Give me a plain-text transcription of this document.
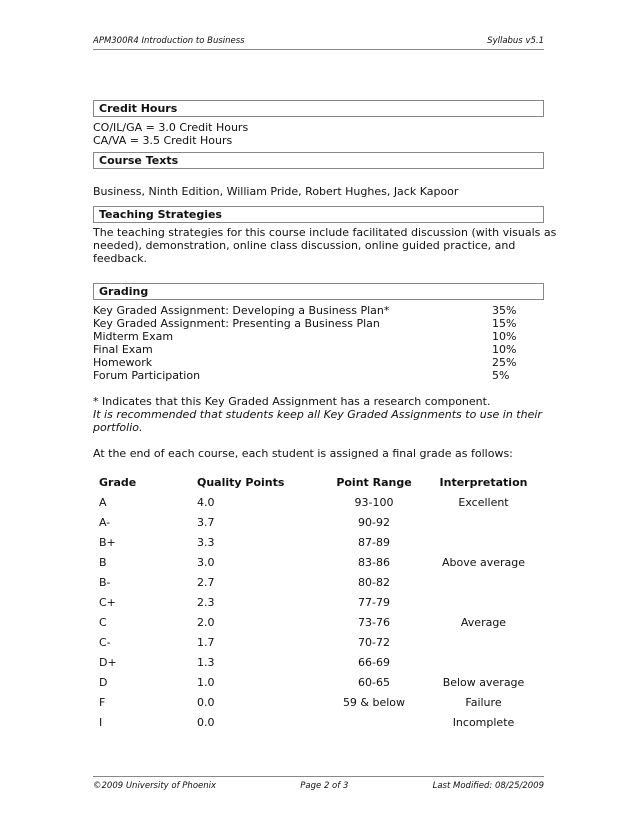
APM300R4 Introduction to Business	Syllabus v5.1
Credit Hours
CO/IL/GA = 3.0 Credit Hours
CA/VA = 3.5 Credit Hours
Course Texts
Business, Ninth Edition, William Pride, Robert Hughes, Jack Kapoor
Teaching Strategies
The teaching strategies for this course include facilitated discussion (with visuals as
needed), demonstration, online class discussion, online guided practice, and
feedback.
Grading
Key Graded Assignment: Developing a Business Plan*	35%
Key Graded Assignment: Presenting a Business Plan	15%
Midterm Exam	10%
Final Exam	10%
Homework	25%
Forum Participation	5%
* Indicates that this Key Graded Assignment has a research component.
It is recommended that students keep all Key Graded Assignments to use in their
portfolio.
At the end of each course, each student is assigned a final grade as follows:
Grade	Quality Points	Point Range	Interpretation
A	4.0	93-100	Excellent
A-	3.7	90-92	
B+	3.3	87-89	
B	3.0	83-86	Above average
B-	2.7	80-82	
C+	2.3	77-79	
C	2.0	73-76	Average
C-	1.7	70-72	
D+	1.3	66-69	
D	1.0	60-65	Below average
F	0.0	59 & below	Failure
I	0.0		Incomplete
©2009 University of Phoenix	Page 2 of 3	Last Modified: 08/25/2009
